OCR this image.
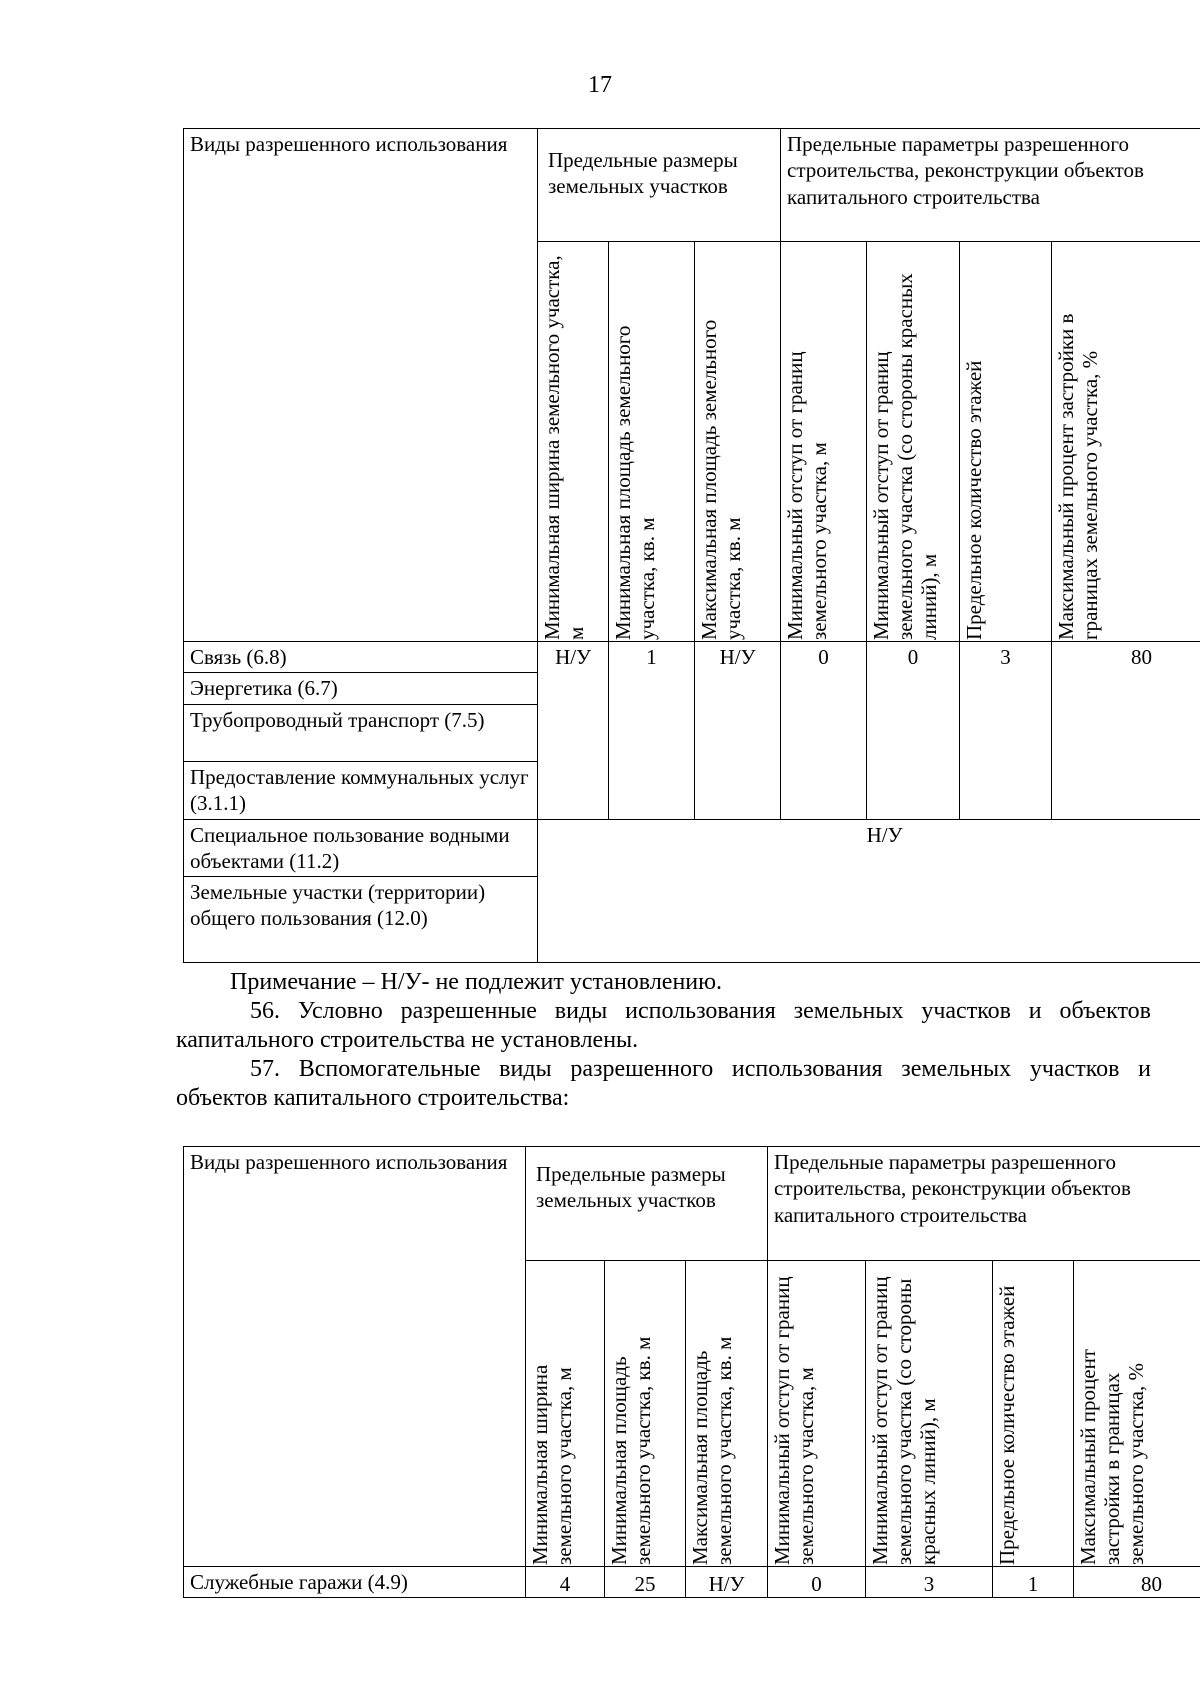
17
Виды разрешенного использования	Предельные размеры земельных участков			Предельные параметры разрешенного строительства, реконструкции объектов капитального строительства			

	Минимальная ширина земельного участка, м	Минимальная площадь земельного участка, кв. м	Максимальная площадь земельного участка, кв. м	Минимальный отступ от границ земельного участка, м	Минимальный отступ от границ земельного участка (со стороны красных линий), м	Предельное количество этажей	Максимальный процент застройки в границах земельного участка, %

Связь (6.8)	Н/У	1	Н/У	0	0	3	80
Энергетика (6.7)							
Трубопроводный транспорт (7.5)							
Предоставление коммунальных услуг (3.1.1)							
Специальное пользование водными объектами (11.2)	Н/У						
Земельные участки (территории) общего пользования (12.0)							
Примечание – Н/У- не подлежит установлению.
56. Условно разрешенные виды использования земельных участков и объектов капитального строительства не установлены.
57. Вспомогательные виды разрешенного использования земельных участков и объектов капитального строительства:
Виды разрешенного использования	Предельные размеры земельных участков			Предельные параметры разрешенного строительства, реконструкции объектов капитального строительства			

	Минимальная ширина земельного участка, м	Минимальная площадь земельного участка, кв. м	Максимальная площадь земельного участка, кв. м	Минимальный отступ от границ земельного участка, м	Минимальный отступ от границ земельного участка (со стороны красных линий), м	Предельное количество этажей	Максимальный процент застройки в границах земельного участка, %

Служебные гаражи (4.9)	4	25	Н/У	0	3	1	80
